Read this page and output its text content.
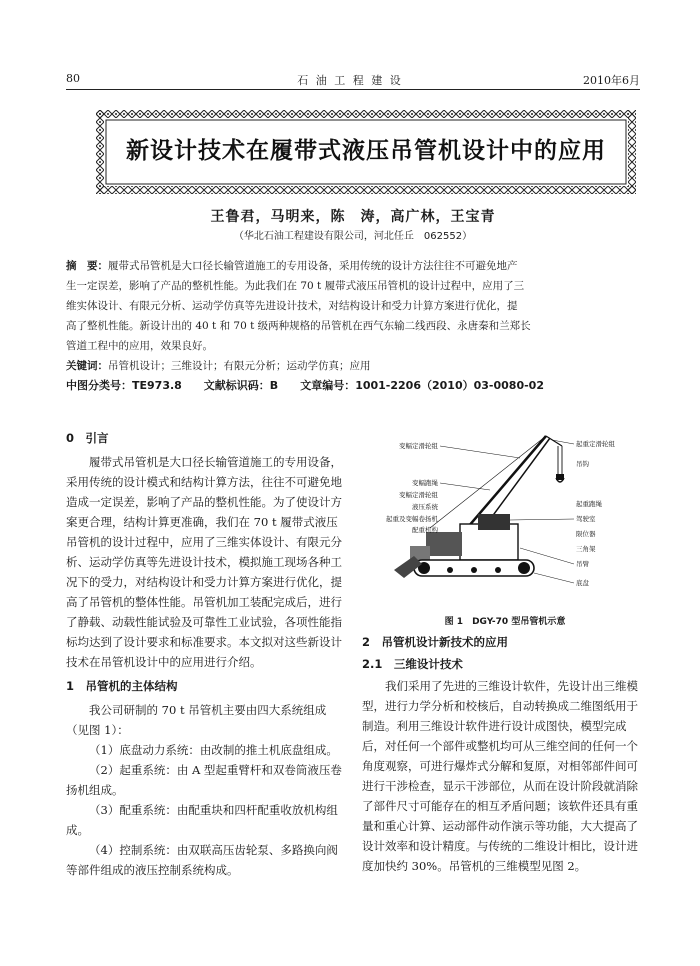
80	石 油 工 程 建 设	2010年6月
新设计技术在履带式液压吊管机设计中的应用
王鲁君，马明来，陈　涛，高广林，王宝青
（华北石油工程建设有限公司，河北任丘　062552）
摘　要：履带式吊管机是大口径长输管道施工的专用设备，采用传统的设计方法往往不可避免地产
生一定误差，影响了产品的整机性能。为此我们在 70 t 履带式液压吊管机的设计过程中，应用了三
维实体设计、有限元分析、运动学仿真等先进设计技术，对结构设计和受力计算方案进行优化，提
高了整机性能。新设计出的 40 t 和 70 t 级两种规格的吊管机在西气东输二线西段、永唐秦和兰郑长
管道工程中的应用，效果良好。
关键词：吊管机设计；三维设计；有限元分析；运动学仿真；应用
中图分类号：TE973.8　　文献标识码：B　　文章编号：1001-2206（2010）03-0080-02

0　引言

履带式吊管机是大口径长输管道施工的专用设备，采用传统的设计模式和结构计算方法，往往不可避免地造成一定误差，影响了产品的整机性能。为了使设计方案更合理，结构计算更准确，我们在 70 t 履带式液压吊管机的设计过程中，应用了三维实体设计、有限元分析、运动学仿真等先进设计技术，模拟施工现场各种工况下的受力，对结构设计和受力计算方案进行优化，提高了吊管机的整体性能。吊管机加工装配完成后，进行了静载、动载性能试验及可靠性工业试验，各项性能指标均达到了设计要求和标准要求。本文拟对这些新设计技术在吊管机设计中的应用进行介绍。

1　吊管机的主体结构

我公司研制的 70 t 吊管机主要由四大系统组成（见图 1）：

（1）底盘动力系统：由改制的推土机底盘组成。

（2）起重系统：由 A 型起重臂杆和双卷筒液压卷扬机组成。

（3）配重系统：由配重块和四杆配重收放机构组成。

（4）控制系统：由双联高压齿轮泵、多路换向阀等部件组成的液压控制系统构成。

变幅定滑轮组
变幅跑绳
变幅定滑轮组
液压系统
起重及变幅卷扬机
配重机构
起重定滑轮组
吊钩
起重跑绳
驾驶室
限位器
三角架
吊臂
底盘
图 1　DGY-70 型吊管机示意

2　吊管机设计新技术的应用

2.1　三维设计技术

我们采用了先进的三维设计软件，先设计出三维模型，进行力学分析和校核后，自动转换成二维图纸用于制造。利用三维设计软件进行设计成图快，模型完成后，对任何一个部件或整机均可从三维空间的任何一个角度观察，可进行爆炸式分解和复原，对相邻部件间可进行干涉检查，显示干涉部位，从而在设计阶段就消除了部件尺寸可能存在的相互矛盾问题；该软件还具有重量和重心计算、运动部件动作演示等功能，大大提高了设计效率和设计精度。与传统的二维设计相比，设计进度加快约 30%。吊管机的三维模型见图 2。
